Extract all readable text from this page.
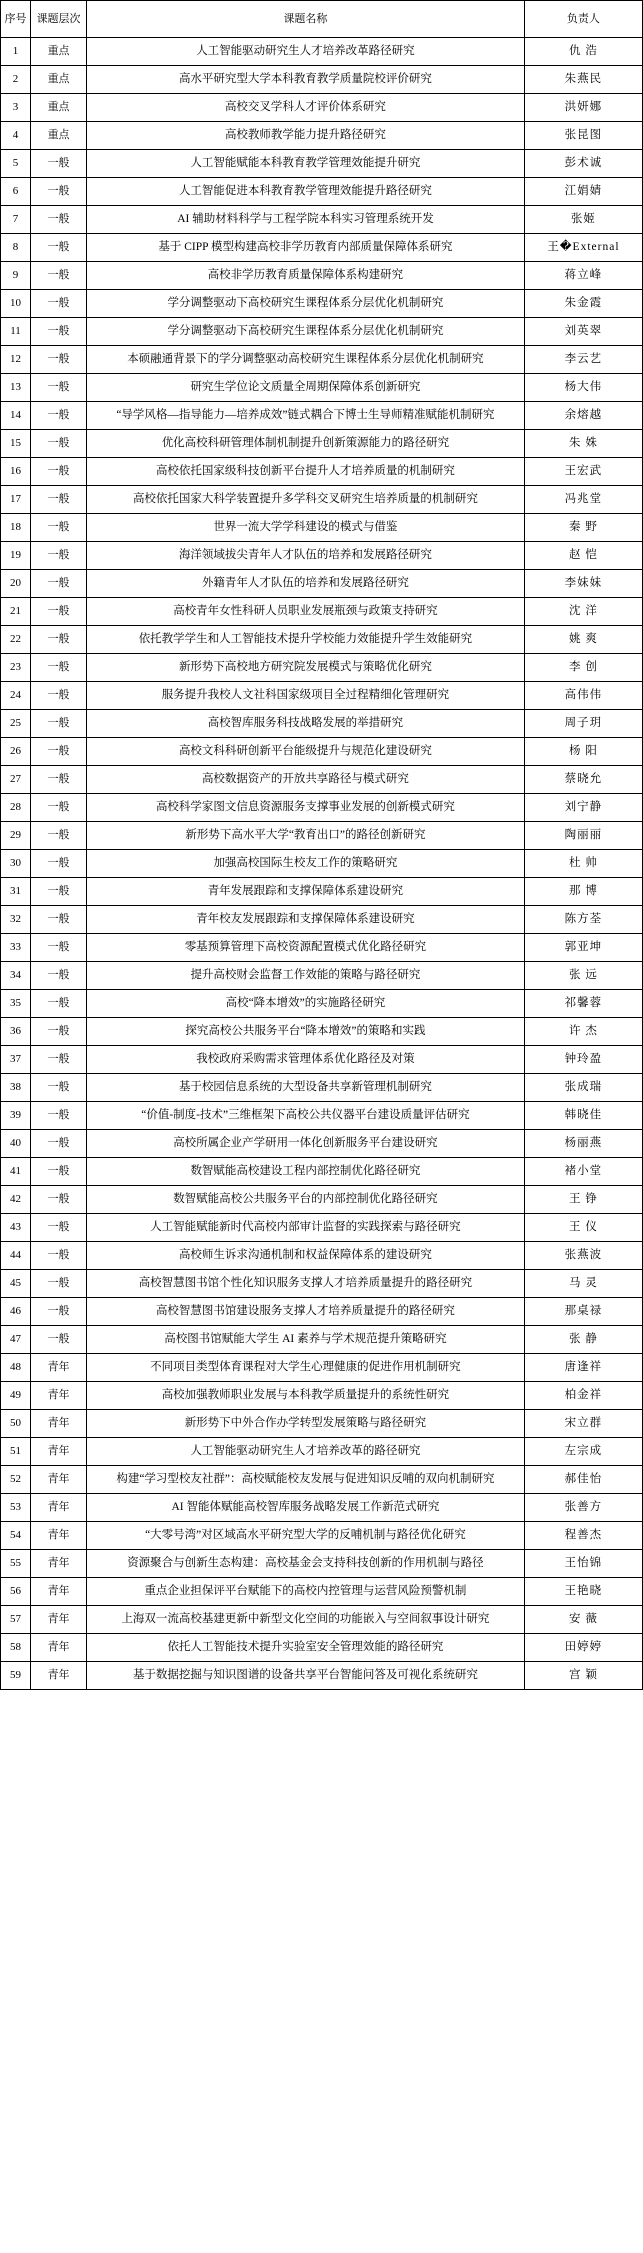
序号	课题层次	课题名称	负责人
1	重点	人工智能驱动研究生人才培养改革路径研究	仇 浩
2	重点	高水平研究型大学本科教育教学质量院校评价研究	朱燕民
3	重点	高校交叉学科人才评价体系研究	洪妍娜
4	重点	高校教师教学能力提升路径研究	张昆图
5	一般	人工智能赋能本科教育教学管理效能提升研究	彭术诚
6	一般	人工智能促进本科教育教学管理效能提升路径研究	江娟婧
7	一般	AI 辅助材料科学与工程学院本科实习管理系统开发	张姬
8	一般	基于 CIPP 模型构建高校非学历教育内部质量保障体系研究	王�External
9	一般	高校非学历教育质量保障体系构建研究	蒋立峰
10	一般	学分调整驱动下高校研究生课程体系分层优化机制研究	朱金霞
11	一般	学分调整驱动下高校研究生课程体系分层优化机制研究	刘英翠
12	一般	本硕融通背景下的学分调整驱动高校研究生课程体系分层优化机制研究	李云艺
13	一般	研究生学位论文质量全周期保障体系创新研究	杨大伟
14	一般	“导学风格—指导能力—培养成效”链式耦合下博士生导师精准赋能机制研究	余熔越
15	一般	优化高校科研管理体制机制提升创新策源能力的路径研究	朱 姝
16	一般	高校依托国家级科技创新平台提升人才培养质量的机制研究	王宏武
17	一般	高校依托国家大科学装置提升多学科交叉研究生培养质量的机制研究	冯兆堂
18	一般	世界一流大学学科建设的模式与借鉴	秦 野
19	一般	海洋领域拔尖青年人才队伍的培养和发展路径研究	赵 恺
20	一般	外籍青年人才队伍的培养和发展路径研究	李妹妹
21	一般	高校青年女性科研人员职业发展瓶颈与政策支持研究	沈 洋
22	一般	依托教学学生和人工智能技术提升学校能力效能提升学生效能研究	姚 爽
23	一般	新形势下高校地方研究院发展模式与策略优化研究	李 创
24	一般	服务提升我校人文社科国家级项目全过程精细化管理研究	高伟伟
25	一般	高校智库服务科技战略发展的举措研究	周子玥
26	一般	高校文科科研创新平台能级提升与规范化建设研究	杨 阳
27	一般	高校数据资产的开放共享路径与模式研究	蔡晓允
28	一般	高校科学家图文信息资源服务支撑事业发展的创新模式研究	刘宁静
29	一般	新形势下高水平大学“教育出口”的路径创新研究	陶丽丽
30	一般	加强高校国际生校友工作的策略研究	杜 帅
31	一般	青年发展跟踪和支撑保障体系建设研究	那 博
32	一般	青年校友发展跟踪和支撑保障体系建设研究	陈方荃
33	一般	零基预算管理下高校资源配置模式优化路径研究	郭亚坤
34	一般	提升高校财会监督工作效能的策略与路径研究	张 远
35	一般	高校“降本增效”的实施路径研究	祁馨蓉
36	一般	探究高校公共服务平台“降本增效”的策略和实践	许 杰
37	一般	我校政府采购需求管理体系优化路径及对策	钟玲盈
38	一般	基于校园信息系统的大型设备共享新管理机制研究	张成瑞
39	一般	“价值-制度-技术”三维框架下高校公共仪器平台建设质量评估研究	韩晓佳
40	一般	高校所属企业产学研用一体化创新服务平台建设研究	杨丽燕
41	一般	数智赋能高校建设工程内部控制优化路径研究	褚小堂
42	一般	数智赋能高校公共服务平台的内部控制优化路径研究	王 铮
43	一般	人工智能赋能新时代高校内部审计监督的实践探索与路径研究	王 仪
44	一般	高校师生诉求沟通机制和权益保障体系的建设研究	张燕波
45	一般	高校智慧图书馆个性化知识服务支撑人才培养质量提升的路径研究	马 灵
46	一般	高校智慧图书馆建设服务支撑人才培养质量提升的路径研究	那桌禄
47	一般	高校图书馆赋能大学生 AI 素养与学术规范提升策略研究	张 静
48	青年	不同项目类型体育课程对大学生心理健康的促进作用机制研究	唐逢祥
49	青年	高校加强教师职业发展与本科教学质量提升的系统性研究	柏金祥
50	青年	新形势下中外合作办学转型发展策略与路径研究	宋立群
51	青年	人工智能驱动研究生人才培养改革的路径研究	左宗成
52	青年	构建“学习型校友社群”：高校赋能校友发展与促进知识反哺的双向机制研究	郝佳怡
53	青年	AI 智能体赋能高校智库服务战略发展工作新范式研究	张善方
54	青年	“大零号湾”对区域高水平研究型大学的反哺机制与路径优化研究	程善杰
55	青年	资源聚合与创新生态构建：高校基金会支持科技创新的作用机制与路径	王怡锦
56	青年	重点企业担保评平台赋能下的高校内控管理与运营风险预警机制	王艳晓
57	青年	上海双一流高校基建更新中新型文化空间的功能嵌入与空间叙事设计研究	安 薇
58	青年	依托人工智能技术提升实验室安全管理效能的路径研究	田婷婷
59	青年	基于数据挖掘与知识图谱的设备共享平台智能问答及可视化系统研究	宫 颖
